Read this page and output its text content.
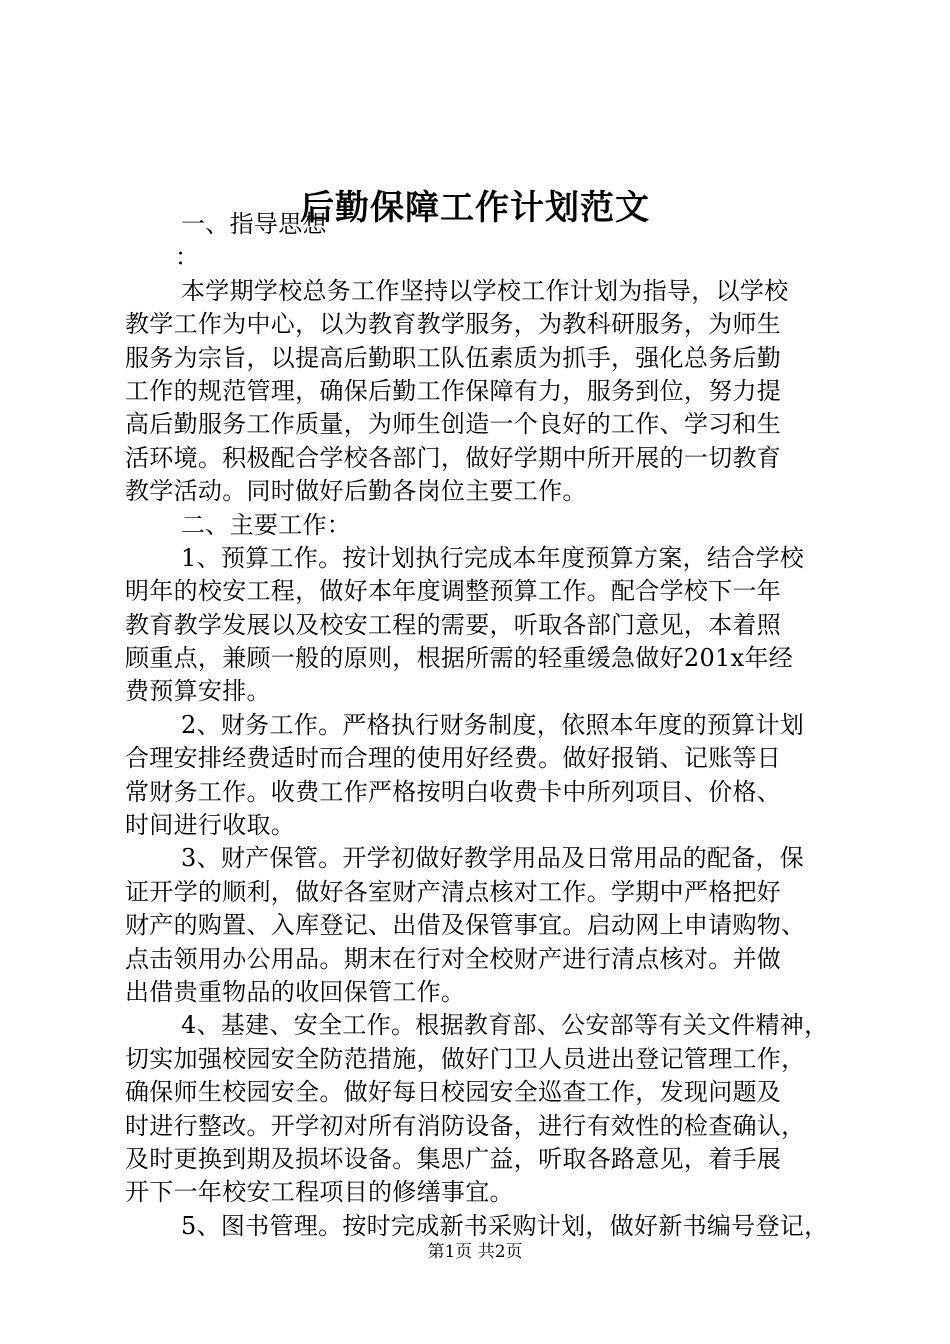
后勤保障工作计划范文
一、指导思想
：
本学期学校总务工作坚持以学校工作计划为指导，以学校
教学工作为中心，以为教育教学服务，为教科研服务，为师生
服务为宗旨，以提高后勤职工队伍素质为抓手，强化总务后勤
工作的规范管理，确保后勤工作保障有力，服务到位，努力提
高后勤服务工作质量，为师生创造一个良好的工作、学习和生
活环境。积极配合学校各部门，做好学期中所开展的一切教育
教学活动。同时做好后勤各岗位主要工作。
二、主要工作：
1、预算工作。按计划执行完成本年度预算方案，结合学校
明年的校安工程，做好本年度调整预算工作。配合学校下一年
教育教学发展以及校安工程的需要，听取各部门意见，本着照
顾重点，兼顾一般的原则，根据所需的轻重缓急做好201x年经
费预算安排。
2、财务工作。严格执行财务制度，依照本年度的预算计划
合理安排经费适时而合理的使用好经费。做好报销、记账等日
常财务工作。收费工作严格按明白收费卡中所列项目、价格、
时间进行收取。
3、财产保管。开学初做好教学用品及日常用品的配备，保
证开学的顺利，做好各室财产清点核对工作。学期中严格把好
财产的购置、入库登记、出借及保管事宜。启动网上申请购物、
点击领用办公用品。期末在行对全校财产进行清点核对。并做
出借贵重物品的收回保管工作。
4、基建、安全工作。根据教育部、公安部等有关文件精神，
切实加强校园安全防范措施，做好门卫人员进出登记管理工作，
确保师生校园安全。做好每日校园安全巡查工作，发现问题及
时进行整改。开学初对所有消防设备，进行有效性的检查确认，
及时更换到期及损坏设备。集思广益，听取各路意见，着手展
开下一年校安工程项目的修缮事宜。
5、图书管理。按时完成新书采购计划，做好新书编号登记，
第1页 共2页
